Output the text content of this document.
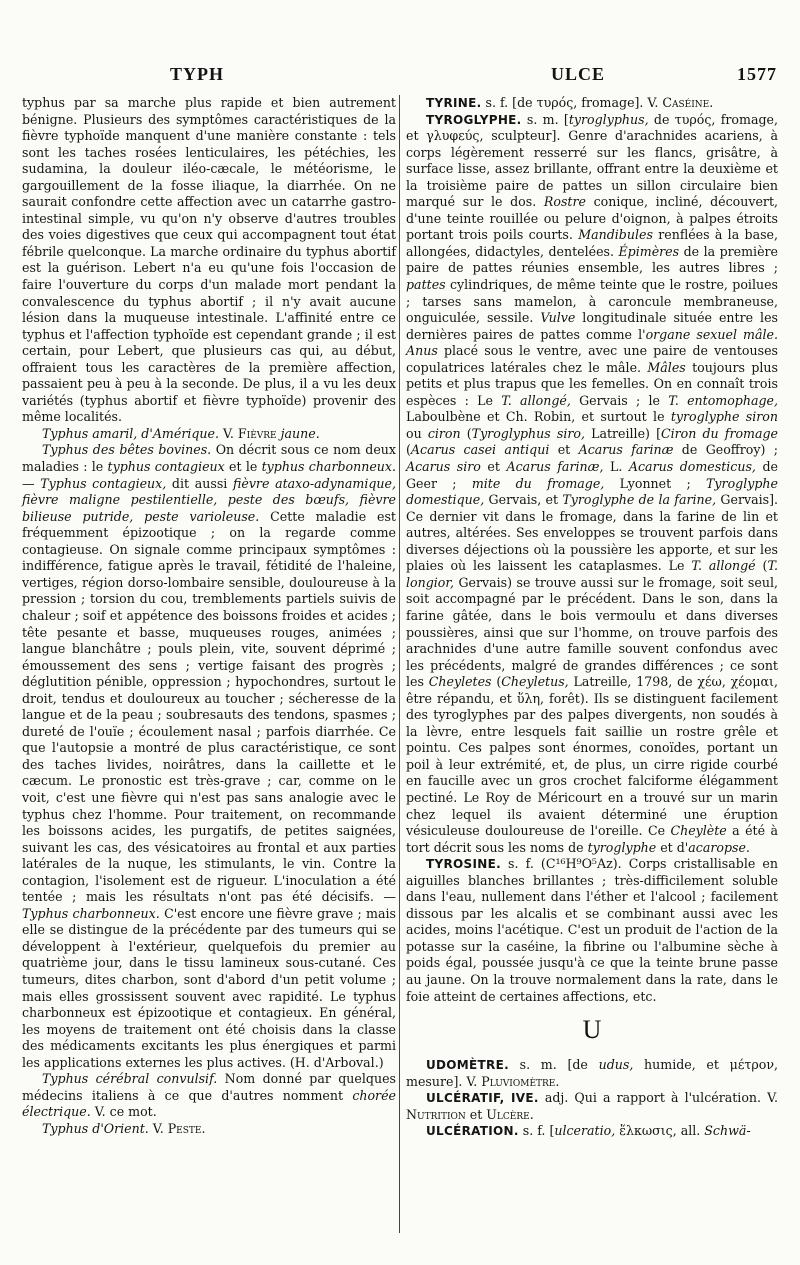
TYPH	ULCE	1577

typhus par sa marche plus rapide et bien autrement bénigne. Plusieurs des symptômes caractéristiques de la fièvre typhoïde manquent d'une manière constante : tels sont les taches rosées lenticulaires, les pétéchies, les sudamina, la douleur iléo-cæcale, le météorisme, le gargouillement de la fosse iliaque, la diarrhée. On ne saurait confondre cette affection avec un catarrhe gastro-intestinal simple, vu qu'on n'y observe d'autres troubles des voies digestives que ceux qui accompagnent tout état fébrile quelconque. La marche ordinaire du typhus abortif est la guérison. Lebert n'a eu qu'une fois l'occasion de faire l'ouverture du corps d'un malade mort pendant la convalescence du typhus abortif ; il n'y avait aucune lésion dans la muqueuse intestinale. L'affinité entre ce typhus et l'affection typhoïde est cependant grande ; il est certain, pour Lebert, que plusieurs cas qui, au début, offraient tous les caractères de la première affection, passaient peu à peu à la seconde. De plus, il a vu les deux variétés (typhus abortif et fièvre typhoïde) provenir des même localités.

Typhus amaril, d'Amérique. V. Fièvre jaune.

Typhus des bêtes bovines. On décrit sous ce nom deux maladies : le typhus contagieux et le typhus charbonneux. — Typhus contagieux, dit aussi fièvre ataxo-adynamique, fièvre maligne pestilentielle, peste des bœufs, fièvre bilieuse putride, peste varioleuse. Cette maladie est fréquemment épizootique ; on la regarde comme contagieuse. On signale comme principaux symptômes : indifférence, fatigue après le travail, fétidité de l'haleine, vertiges, région dorso-lombaire sensible, douloureuse à la pression ; torsion du cou, tremblements partiels suivis de chaleur ; soif et appétence des boissons froides et acides ; tête pesante et basse, muqueuses rouges, animées ; langue blanchâtre ; pouls plein, vite, souvent déprimé ; émoussement des sens ; vertige faisant des progrès ; déglutition pénible, oppression ; hypochondres, surtout le droit, tendus et douloureux au toucher ; sécheresse de la langue et de la peau ; soubresauts des tendons, spasmes ; dureté de l'ouïe ; écoulement nasal ; parfois diarrhée. Ce que l'autopsie a montré de plus caractéristique, ce sont des taches livides, noirâtres, dans la caillette et le cæcum. Le pronostic est très-grave ; car, comme on le voit, c'est une fièvre qui n'est pas sans analogie avec le typhus chez l'homme. Pour traitement, on recommande les boissons acides, les purgatifs, de petites saignées, suivant les cas, des vésicatoires au frontal et aux parties latérales de la nuque, les stimulants, le vin. Contre la contagion, l'isolement est de rigueur. L'inoculation a été tentée ; mais les résultats n'ont pas été décisifs. — Typhus charbonneux. C'est encore une fièvre grave ; mais elle se distingue de la précédente par des tumeurs qui se développent à l'extérieur, quelquefois du premier au quatrième jour, dans le tissu lamineux sous-cutané. Ces tumeurs, dites charbon, sont d'abord d'un petit volume ; mais elles grossissent souvent avec rapidité. Le typhus charbonneux est épizootique et contagieux. En général, les moyens de traitement ont été choisis dans la classe des médicaments excitants les plus énergiques et parmi les applications externes les plus actives. (H. d'Arboval.)

Typhus cérébral convulsif. Nom donné par quelques médecins italiens à ce que d'autres nomment chorée électrique. V. ce mot.

Typhus d'Orient. V. Peste.

TYRINE. s. f. [de τυρός, fromage]. V. Caséine.

TYROGLYPHE. s. m. [tyroglyphus, de τυρός, fromage, et γλυφεύς, sculpteur]. Genre d'arachnides acariens, à corps légèrement resserré sur les flancs, grisâtre, à surface lisse, assez brillante, offrant entre la deuxième et la troisième paire de pattes un sillon circulaire bien marqué sur le dos. Rostre conique, incliné, découvert, d'une teinte rouillée ou pelure d'oignon, à palpes étroits portant trois poils courts. Mandibules renflées à la base, allongées, didactyles, dentelées. Épimères de la première paire de pattes réunies ensemble, les autres libres ; pattes cylindriques, de même teinte que le rostre, poilues ; tarses sans mamelon, à caroncule membraneuse, onguiculée, sessile. Vulve longitudinale située entre les dernières paires de pattes comme l'organe sexuel mâle. Anus placé sous le ventre, avec une paire de ventouses copulatrices latérales chez le mâle. Mâles toujours plus petits et plus trapus que les femelles. On en connaît trois espèces : Le T. allongé, Gervais ; le T. entomophage, Laboulbène et Ch. Robin, et surtout le tyroglyphe siron ou ciron (Tyroglyphus siro, Latreille) [Ciron du fromage (Acarus casei antiqui et Acarus farinæ de Geoffroy) ; Acarus siro et Acarus farinæ, L. Acarus domesticus, de Geer ; mite du fromage, Lyonnet ; Tyroglyphe domestique, Gervais, et Tyroglyphe de la farine, Gervais]. Ce dernier vit dans le fromage, dans la farine de lin et autres, altérées. Ses enveloppes se trouvent parfois dans diverses déjections où la poussière les apporte, et sur les plaies où les laissent les cataplasmes. Le T. allongé (T. longior, Gervais) se trouve aussi sur le fromage, soit seul, soit accompagné par le précédent. Dans le son, dans la farine gâtée, dans le bois vermoulu et dans diverses poussières, ainsi que sur l'homme, on trouve parfois des arachnides d'une autre famille souvent confondus avec les précédents, malgré de grandes différences ; ce sont les Cheyletes (Cheyletus, Latreille, 1798, de χέω, χέομαι, être répandu, et ὕλη, forêt). Ils se distinguent facilement des tyroglyphes par des palpes divergents, non soudés à la lèvre, entre lesquels fait saillie un rostre grêle et pointu. Ces palpes sont énormes, conoïdes, portant un poil à leur extrémité, et, de plus, un cirre rigide courbé en faucille avec un gros crochet falciforme élégamment pectiné. Le Roy de Méricourt en a trouvé sur un marin chez lequel ils avaient déterminé une éruption vésiculeuse douloureuse de l'oreille. Ce Cheylète a été à tort décrit sous les noms de tyroglyphe et d'acaropse.

TYROSINE. s. f. (C¹⁶H⁹O⁵Az). Corps cristallisable en aiguilles blanches brillantes ; très-difficilement soluble dans l'eau, nullement dans l'éther et l'alcool ; facilement dissous par les alcalis et se combinant aussi avec les acides, moins l'acétique. C'est un produit de l'action de la potasse sur la caséine, la fibrine ou l'albumine sèche à poids égal, poussée jusqu'à ce que la teinte brune passe au jaune. On la trouve normalement dans la rate, dans le foie atteint de certaines affections, etc.

U

UDOMÈTRE. s. m. [de udus, humide, et μέτρον, mesure]. V. Pluviomètre.

ULCÉRATIF, IVE. adj. Qui a rapport à l'ulcération. V. Nutrition et Ulcère.

ULCÉRATION. s. f. [ulceratio, ἕλκωσις, all. Schwä-
